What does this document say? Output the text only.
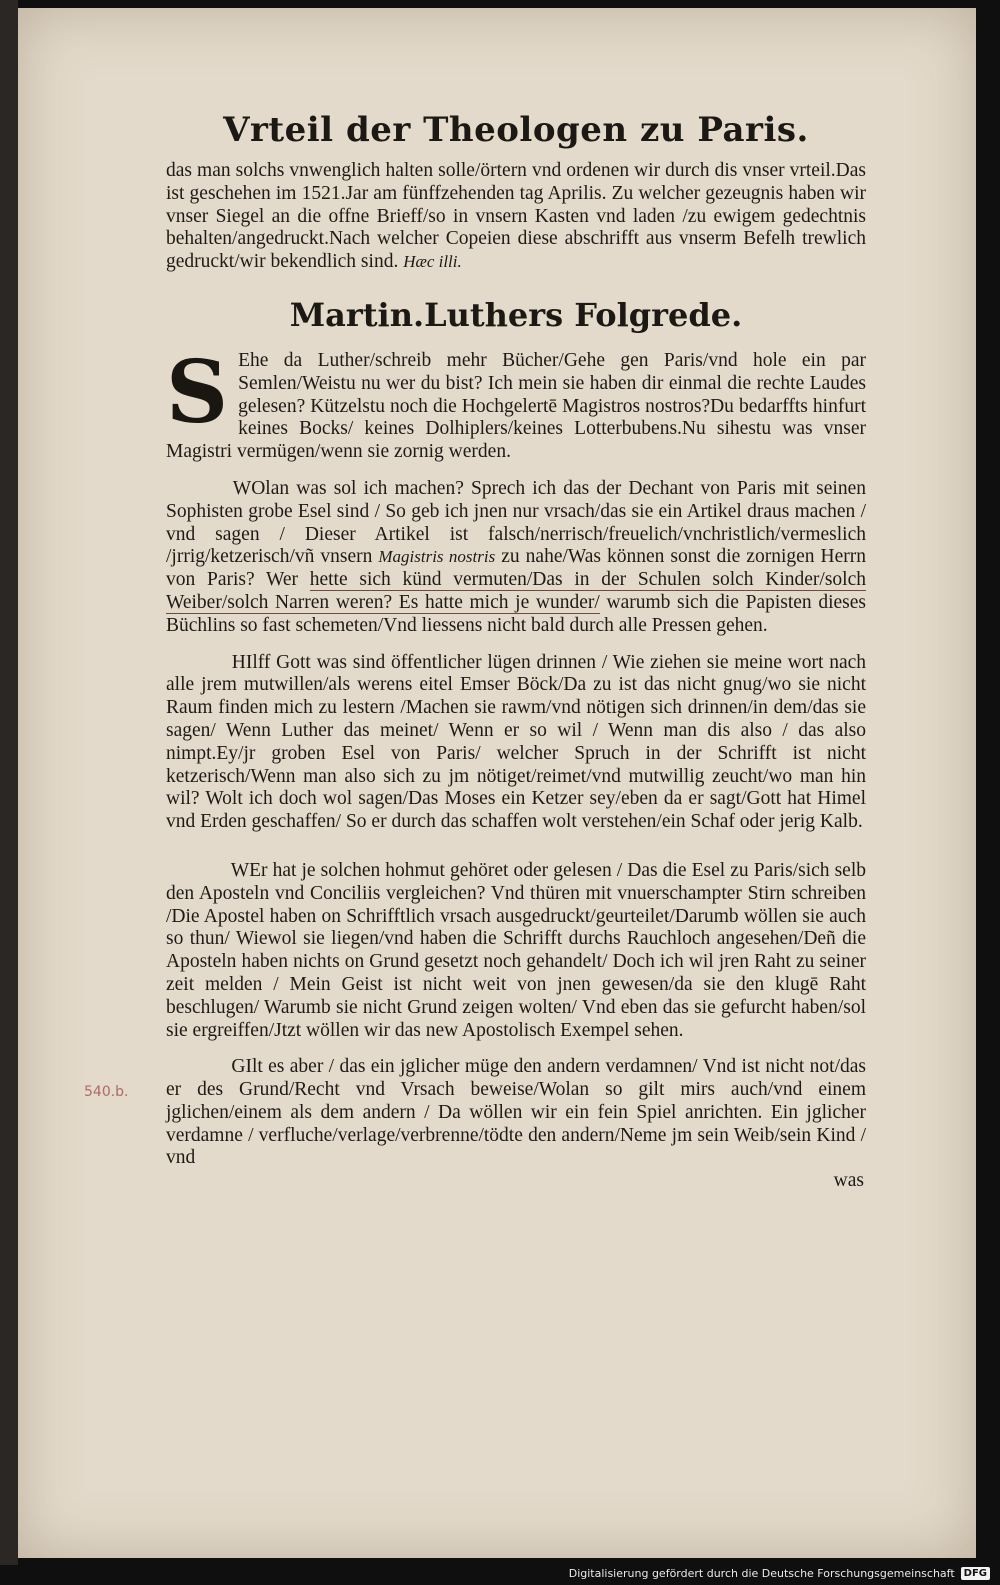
Vrteil der Theologen zu Paris.

das man solchs vnwenglich halten solle/örtern vnd ordenen wir durch dis vnser vrteil.Das ist geschehen im 1521.Jar am fünffzehenden tag Aprilis. Zu welcher gezeugnis haben wir vnser Siegel an die offne Brieff/so in vnsern Kasten vnd laden /zu ewigem gedechtnis behalten/angedruckt.Nach welcher Copeien diese abschrifft aus vnserm Befelh trewlich gedruckt/wir bekendlich sind. Hæc illi.

Martin.Luthers Folgrede.

S Ehe da Luther/schreib mehr Bücher/Gehe gen Paris/vnd hole ein par Semlen/Weistu nu wer du bist? Ich mein sie haben dir einmal die rechte Laudes gelesen? Kützelstu noch die Hochgelertē Magistros nostros?Du bedarffts hinfurt keines Bocks/ keines Dolhiplers/keines Lotterbubens.Nu sihestu was vnser Magistri vermügen/wenn sie zornig werden.

WOlan was sol ich machen? Sprech ich das der Dechant von Paris mit seinen Sophisten grobe Esel sind / So geb ich jnen nur vrsach/das sie ein Artikel draus machen / vnd sagen / Dieser Artikel ist falsch/nerrisch/freuelich/vnchristlich/vermeslich /jrrig/ketzerisch/vñ vnsern Magistris nostris zu nahe/Was können sonst die zornigen Herrn von Paris? Wer hette sich künd vermuten/Das in der Schulen solch Kinder/solch Weiber/solch Narren weren? Es hatte mich je wunder/ warumb sich die Papisten dieses Büchlins so fast schemeten/Vnd liessens nicht bald durch alle Pressen gehen.

HIlff Gott was sind öffentlicher lügen drinnen / Wie ziehen sie meine wort nach alle jrem mutwillen/als werens eitel Emser Böck/Da zu ist das nicht gnug/wo sie nicht Raum finden mich zu lestern /Machen sie rawm/vnd nötigen sich drinnen/in dem/das sie sagen/ Wenn Luther das meinet/ Wenn er so wil / Wenn man dis also / das also nimpt.Ey/jr groben Esel von Paris/ welcher Spruch in der Schrifft ist nicht ketzerisch/Wenn man also sich zu jm nötiget/reimet/vnd mutwillig zeucht/wo man hin wil? Wolt ich doch wol sagen/Das Moses ein Ketzer sey/eben da er sagt/Gott hat Himel vnd Erden geschaffen/ So er durch das schaffen wolt verstehen/ein Schaf oder jerig Kalb.

WEr hat je solchen hohmut gehöret oder gelesen / Das die Esel zu Paris/sich selb den Aposteln vnd Conciliis vergleichen? Vnd thüren mit vnuerschampter Stirn schreiben /Die Apostel haben on Schrifftlich vrsach ausgedruckt/geurteilet/Darumb wöllen sie auch so thun/ Wiewol sie liegen/vnd haben die Schrifft durchs Rauchloch angesehen/Deñ die Aposteln haben nichts on Grund gesetzt noch gehandelt/ Doch ich wil jren Raht zu seiner zeit melden / Mein Geist ist nicht weit von jnen gewesen/da sie den klugē Raht beschlugen/ Warumb sie nicht Grund zeigen wolten/ Vnd eben das sie gefurcht haben/sol sie ergreiffen/Jtzt wöllen wir das new Apostolisch Exempel sehen.

GIlt es aber / das ein jglicher müge den andern verdamnen/ Vnd ist nicht not/das er des Grund/Recht vnd Vrsach beweise/Wolan so gilt mirs auch/vnd einem jglichen/einem als dem andern / Da wöllen wir ein fein Spiel anrichten. Ein jglicher verdamne / verfluche/verlage/verbrenne/tödte den andern/Neme jm sein Weib/sein Kind / vnd

was
540.b.
Digitalisierung gefördert durch die Deutsche Forschungsgemeinschaft DFG
